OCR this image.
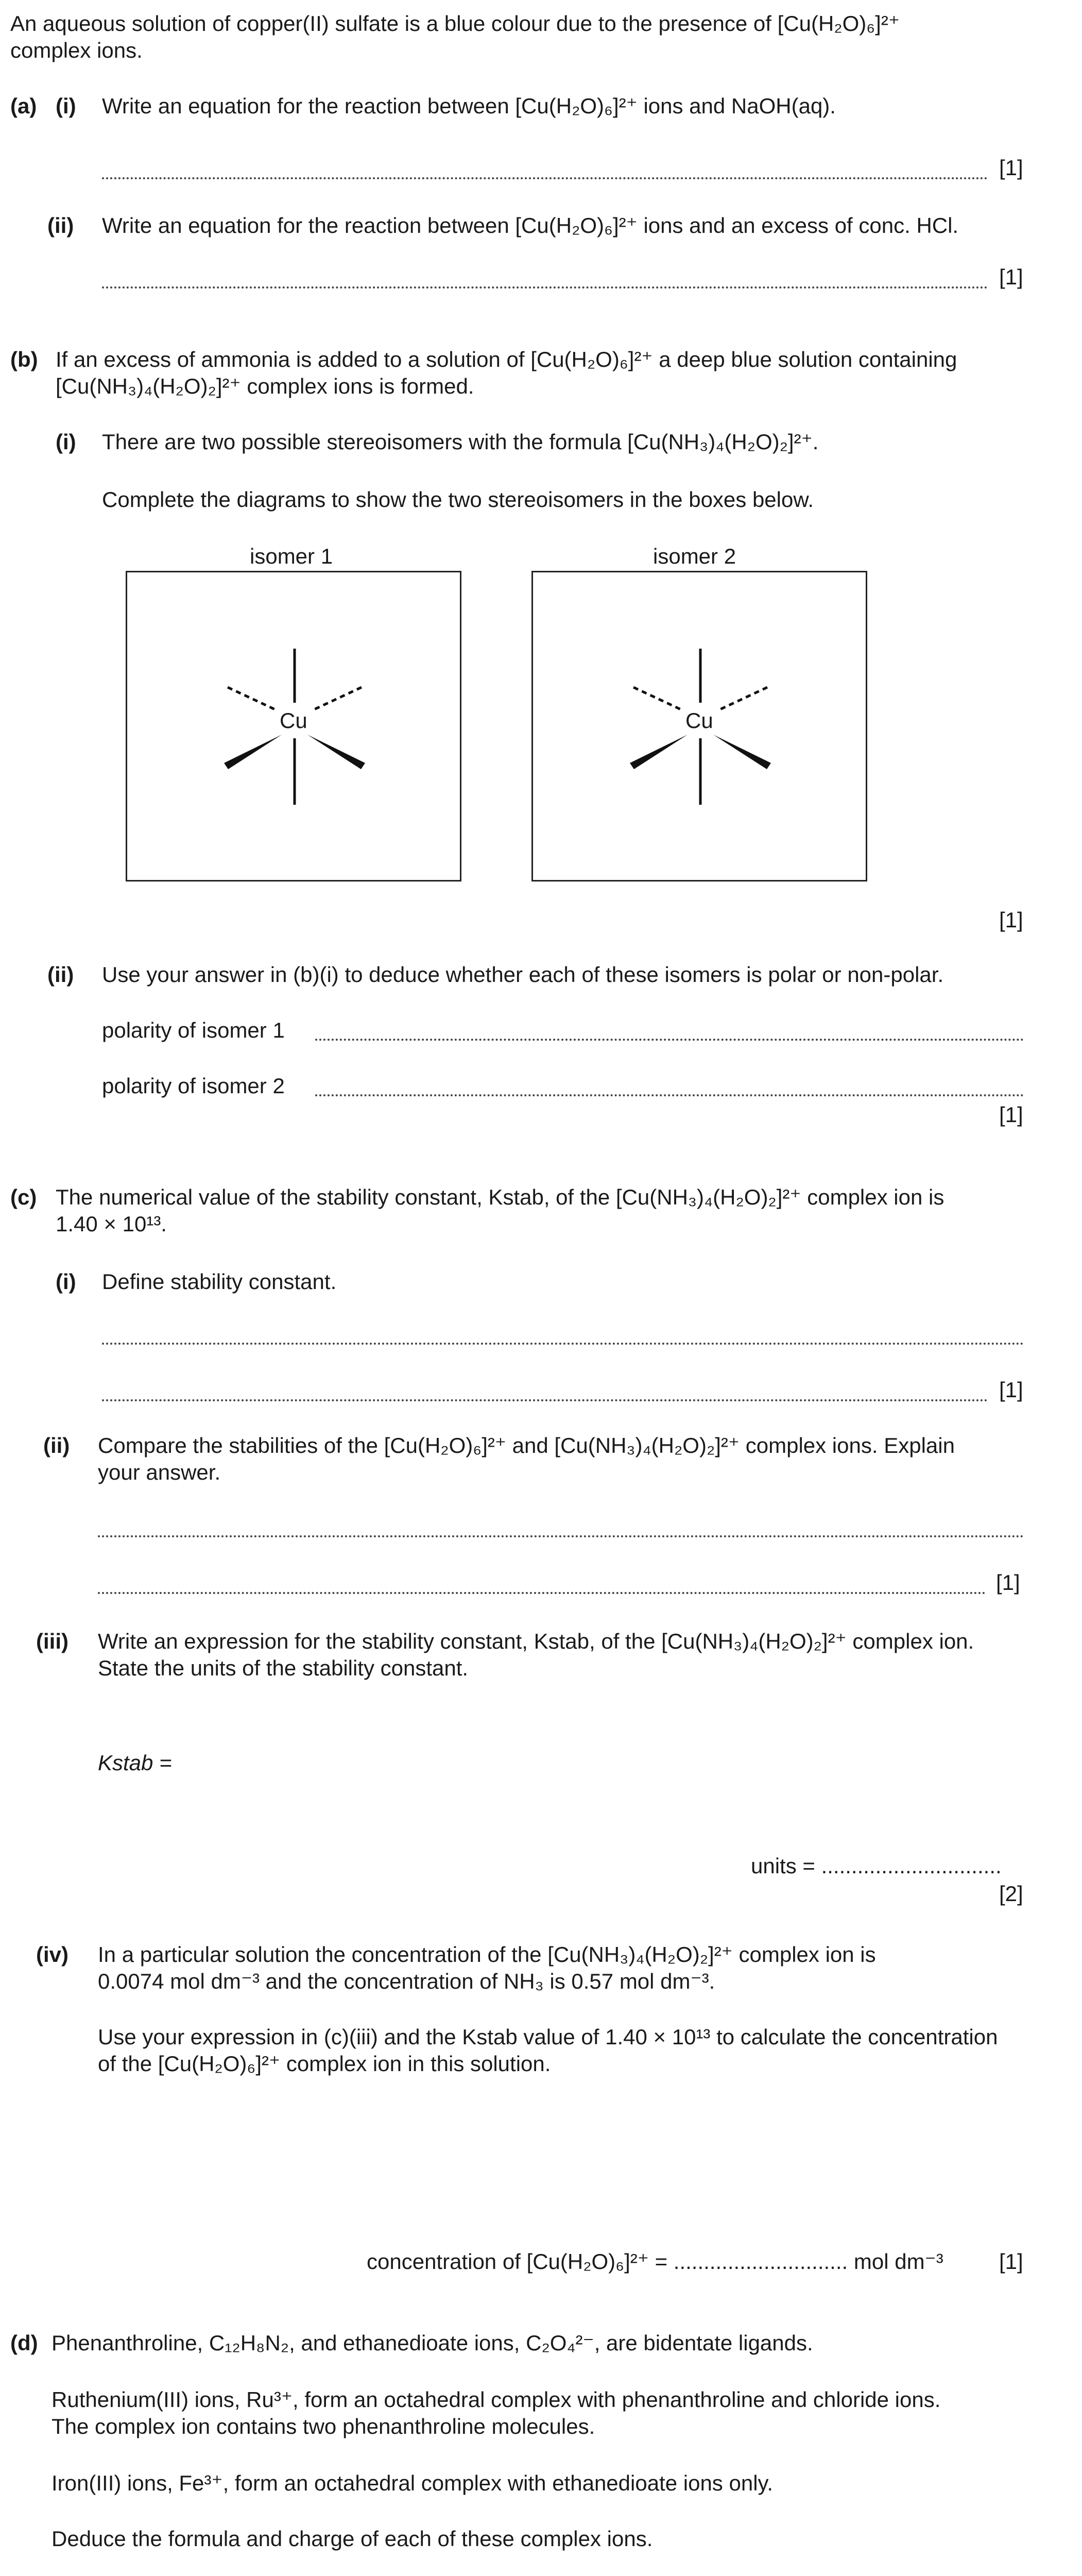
An aqueous solution of copper(II) sulfate is a blue colour due to the presence of [Cu(H₂O)₆]²⁺
complex ions.
(a) (i) Write an equation for the reaction between [Cu(H₂O)₆]²⁺ ions and NaOH(aq).
[1]
(ii) Write an equation for the reaction between [Cu(H₂O)₆]²⁺ ions and an excess of conc. HCl.
[1]
(b) If an excess of ammonia is added to a solution of [Cu(H₂O)₆]²⁺ a deep blue solution containing
[Cu(NH₃)₄(H₂O)₂]²⁺ complex ions is formed.
(i) There are two possible stereoisomers with the formula [Cu(NH₃)₄(H₂O)₂]²⁺.
Complete the diagrams to show the two stereoisomers in the boxes below.
isomer 1	isomer 2
Cu	Cu
[1]
(ii) Use your answer in (b)(i) to deduce whether each of these isomers is polar or non-polar.
polarity of isomer 1
polarity of isomer 2
[1]
(c) The numerical value of the stability constant, Kstab, of the [Cu(NH₃)₄(H₂O)₂]²⁺ complex ion is
1.40 × 10¹³.
(i) Define stability constant.
[1]
(ii) Compare the stabilities of the [Cu(H₂O)₆]²⁺ and [Cu(NH₃)₄(H₂O)₂]²⁺ complex ions. Explain
your answer.
[1]
(iii) Write an expression for the stability constant, Kstab, of the [Cu(NH₃)₄(H₂O)₂]²⁺ complex ion.
State the units of the stability constant.
Kstab =
units = ..............................
[2]
(iv) In a particular solution the concentration of the [Cu(NH₃)₄(H₂O)₂]²⁺ complex ion is
0.0074 mol dm⁻³ and the concentration of NH₃ is 0.57 mol dm⁻³.
Use your expression in (c)(iii) and the Kstab value of 1.40 × 10¹³ to calculate the concentration
of the [Cu(H₂O)₆]²⁺ complex ion in this solution.
concentration of [Cu(H₂O)₆]²⁺ = ............................. mol dm⁻³	[1]
(d) Phenanthroline, C₁₂H₈N₂, and ethanedioate ions, C₂O₄²⁻, are bidentate ligands.
Ruthenium(III) ions, Ru³⁺, form an octahedral complex with phenanthroline and chloride ions.
The complex ion contains two phenanthroline molecules.
Iron(III) ions, Fe³⁺, form an octahedral complex with ethanedioate ions only.
Deduce the formula and charge of each of these complex ions.
